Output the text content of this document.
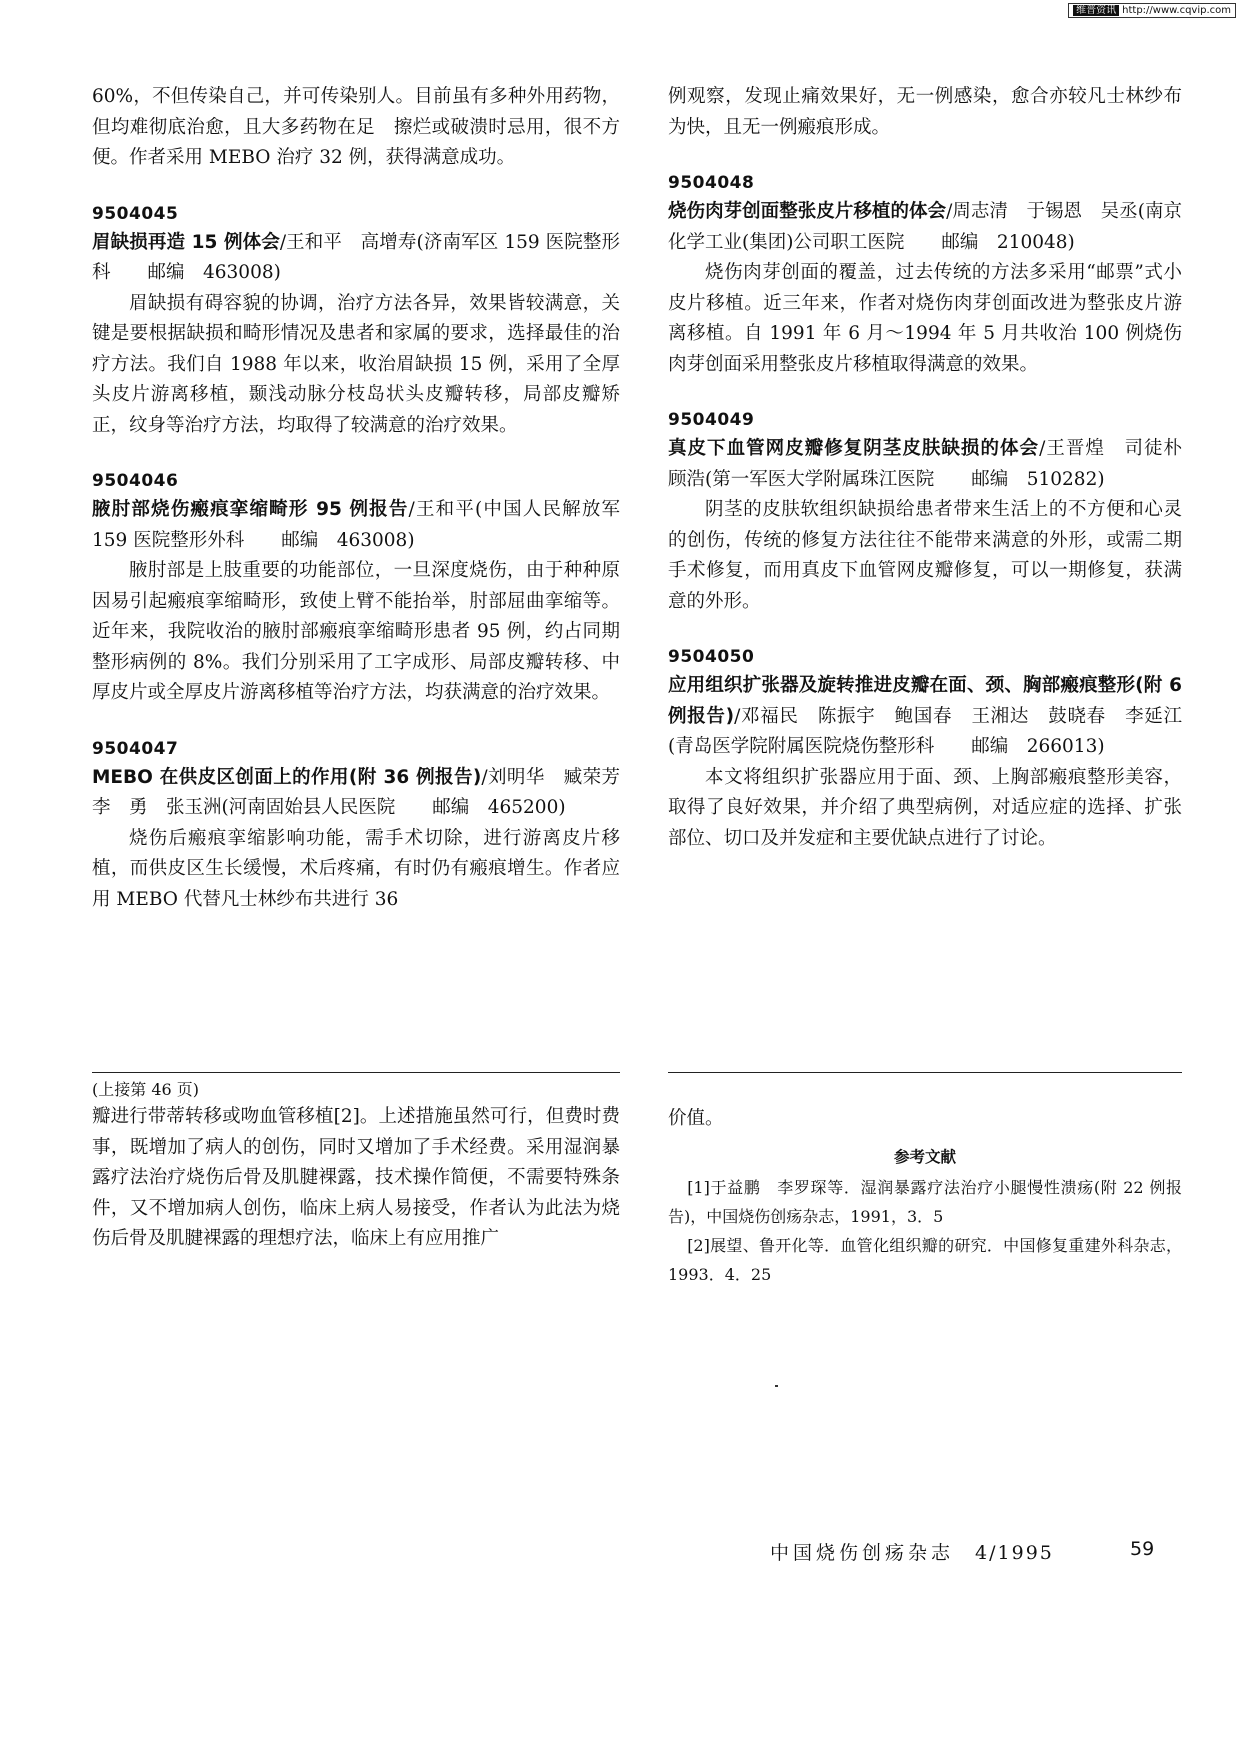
维普资讯 http://www.cqvip.com

60%，不但传染自己，并可传染别人。目前虽有多种外用药物，但均难彻底治愈，且大多药物在足　擦烂或破溃时忌用，很不方便。作者采用 MEBO 治疗 32 例，获得满意成功。

9504045

眉缺损再造 15 例体会/王和平　高增寿(济南军区 159 医院整形科　　邮编　463008)

眉缺损有碍容貌的协调，治疗方法各异，效果皆较满意，关键是要根据缺损和畸形情况及患者和家属的要求，选择最佳的治疗方法。我们自 1988 年以来，收治眉缺损 15 例，采用了全厚头皮片游离移植，颞浅动脉分枝岛状头皮瓣转移，局部皮瓣矫正，纹身等治疗方法，均取得了较满意的治疗效果。

9504046

腋肘部烧伤瘢痕挛缩畸形 95 例报告/王和平(中国人民解放军 159 医院整形外科　　邮编　463008)

腋肘部是上肢重要的功能部位，一旦深度烧伤，由于种种原因易引起瘢痕挛缩畸形，致使上臂不能抬举，肘部屈曲挛缩等。近年来，我院收治的腋肘部瘢痕挛缩畸形患者 95 例，约占同期整形病例的 8%。我们分别采用了工字成形、局部皮瓣转移、中厚皮片或全厚皮片游离移植等治疗方法，均获满意的治疗效果。

9504047

MEBO 在供皮区创面上的作用(附 36 例报告)/刘明华　臧荣芳　李　勇　张玉洲(河南固始县人民医院　　邮编　465200)

烧伤后瘢痕挛缩影响功能，需手术切除，进行游离皮片移植，而供皮区生长缓慢，术后疼痛，有时仍有瘢痕增生。作者应用 MEBO 代替凡士林纱布共进行 36

例观察，发现止痛效果好，无一例感染，愈合亦较凡士林纱布为快，且无一例瘢痕形成。

9504048

烧伤肉芽创面整张皮片移植的体会/周志清　于锡恩　吴丞(南京化学工业(集团)公司职工医院　　邮编　210048)

烧伤肉芽创面的覆盖，过去传统的方法多采用“邮票”式小皮片移植。近三年来，作者对烧伤肉芽创面改进为整张皮片游离移植。自 1991 年 6 月～1994 年 5 月共收治 100 例烧伤肉芽创面采用整张皮片移植取得满意的效果。

9504049

真皮下血管网皮瓣修复阴茎皮肤缺损的体会/王晋煌　司徒朴　顾浩(第一军医大学附属珠江医院　　邮编　510282)

阴茎的皮肤软组织缺损给患者带来生活上的不方便和心灵的创伤，传统的修复方法往往不能带来满意的外形，或需二期手术修复，而用真皮下血管网皮瓣修复，可以一期修复，获满意的外形。

9504050

应用组织扩张器及旋转推进皮瓣在面、颈、胸部瘢痕整形(附 6 例报告)/邓福民　陈振宇　鲍国春　王湘达　鼓晓春　李延江(青岛医学院附属医院烧伤整形科　　邮编　266013)

本文将组织扩张器应用于面、颈、上胸部瘢痕整形美容，取得了良好效果，并介绍了典型病例，对适应症的选择、扩张部位、切口及并发症和主要优缺点进行了讨论。

(上接第 46 页)

瓣进行带蒂转移或吻血管移植[2]。上述措施虽然可行，但费时费事，既增加了病人的创伤，同时又增加了手术经费。采用湿润暴露疗法治疗烧伤后骨及肌腱裸露，技术操作简便，不需要特殊条件，又不增加病人创伤，临床上病人易接受，作者认为此法为烧伤后骨及肌腱裸露的理想疗法，临床上有应用推广

价值。

参考文献

[1]于益鹏　李罗琛等．湿润暴露疗法治疗小腿慢性溃疡(附 22 例报告)，中国烧伤创疡杂志，1991，3．5

[2]展望、鲁开化等．血管化组织瓣的研究．中国修复重建外科杂志，1993．4．25

中国烧伤创疡杂志　 4/1995	59
